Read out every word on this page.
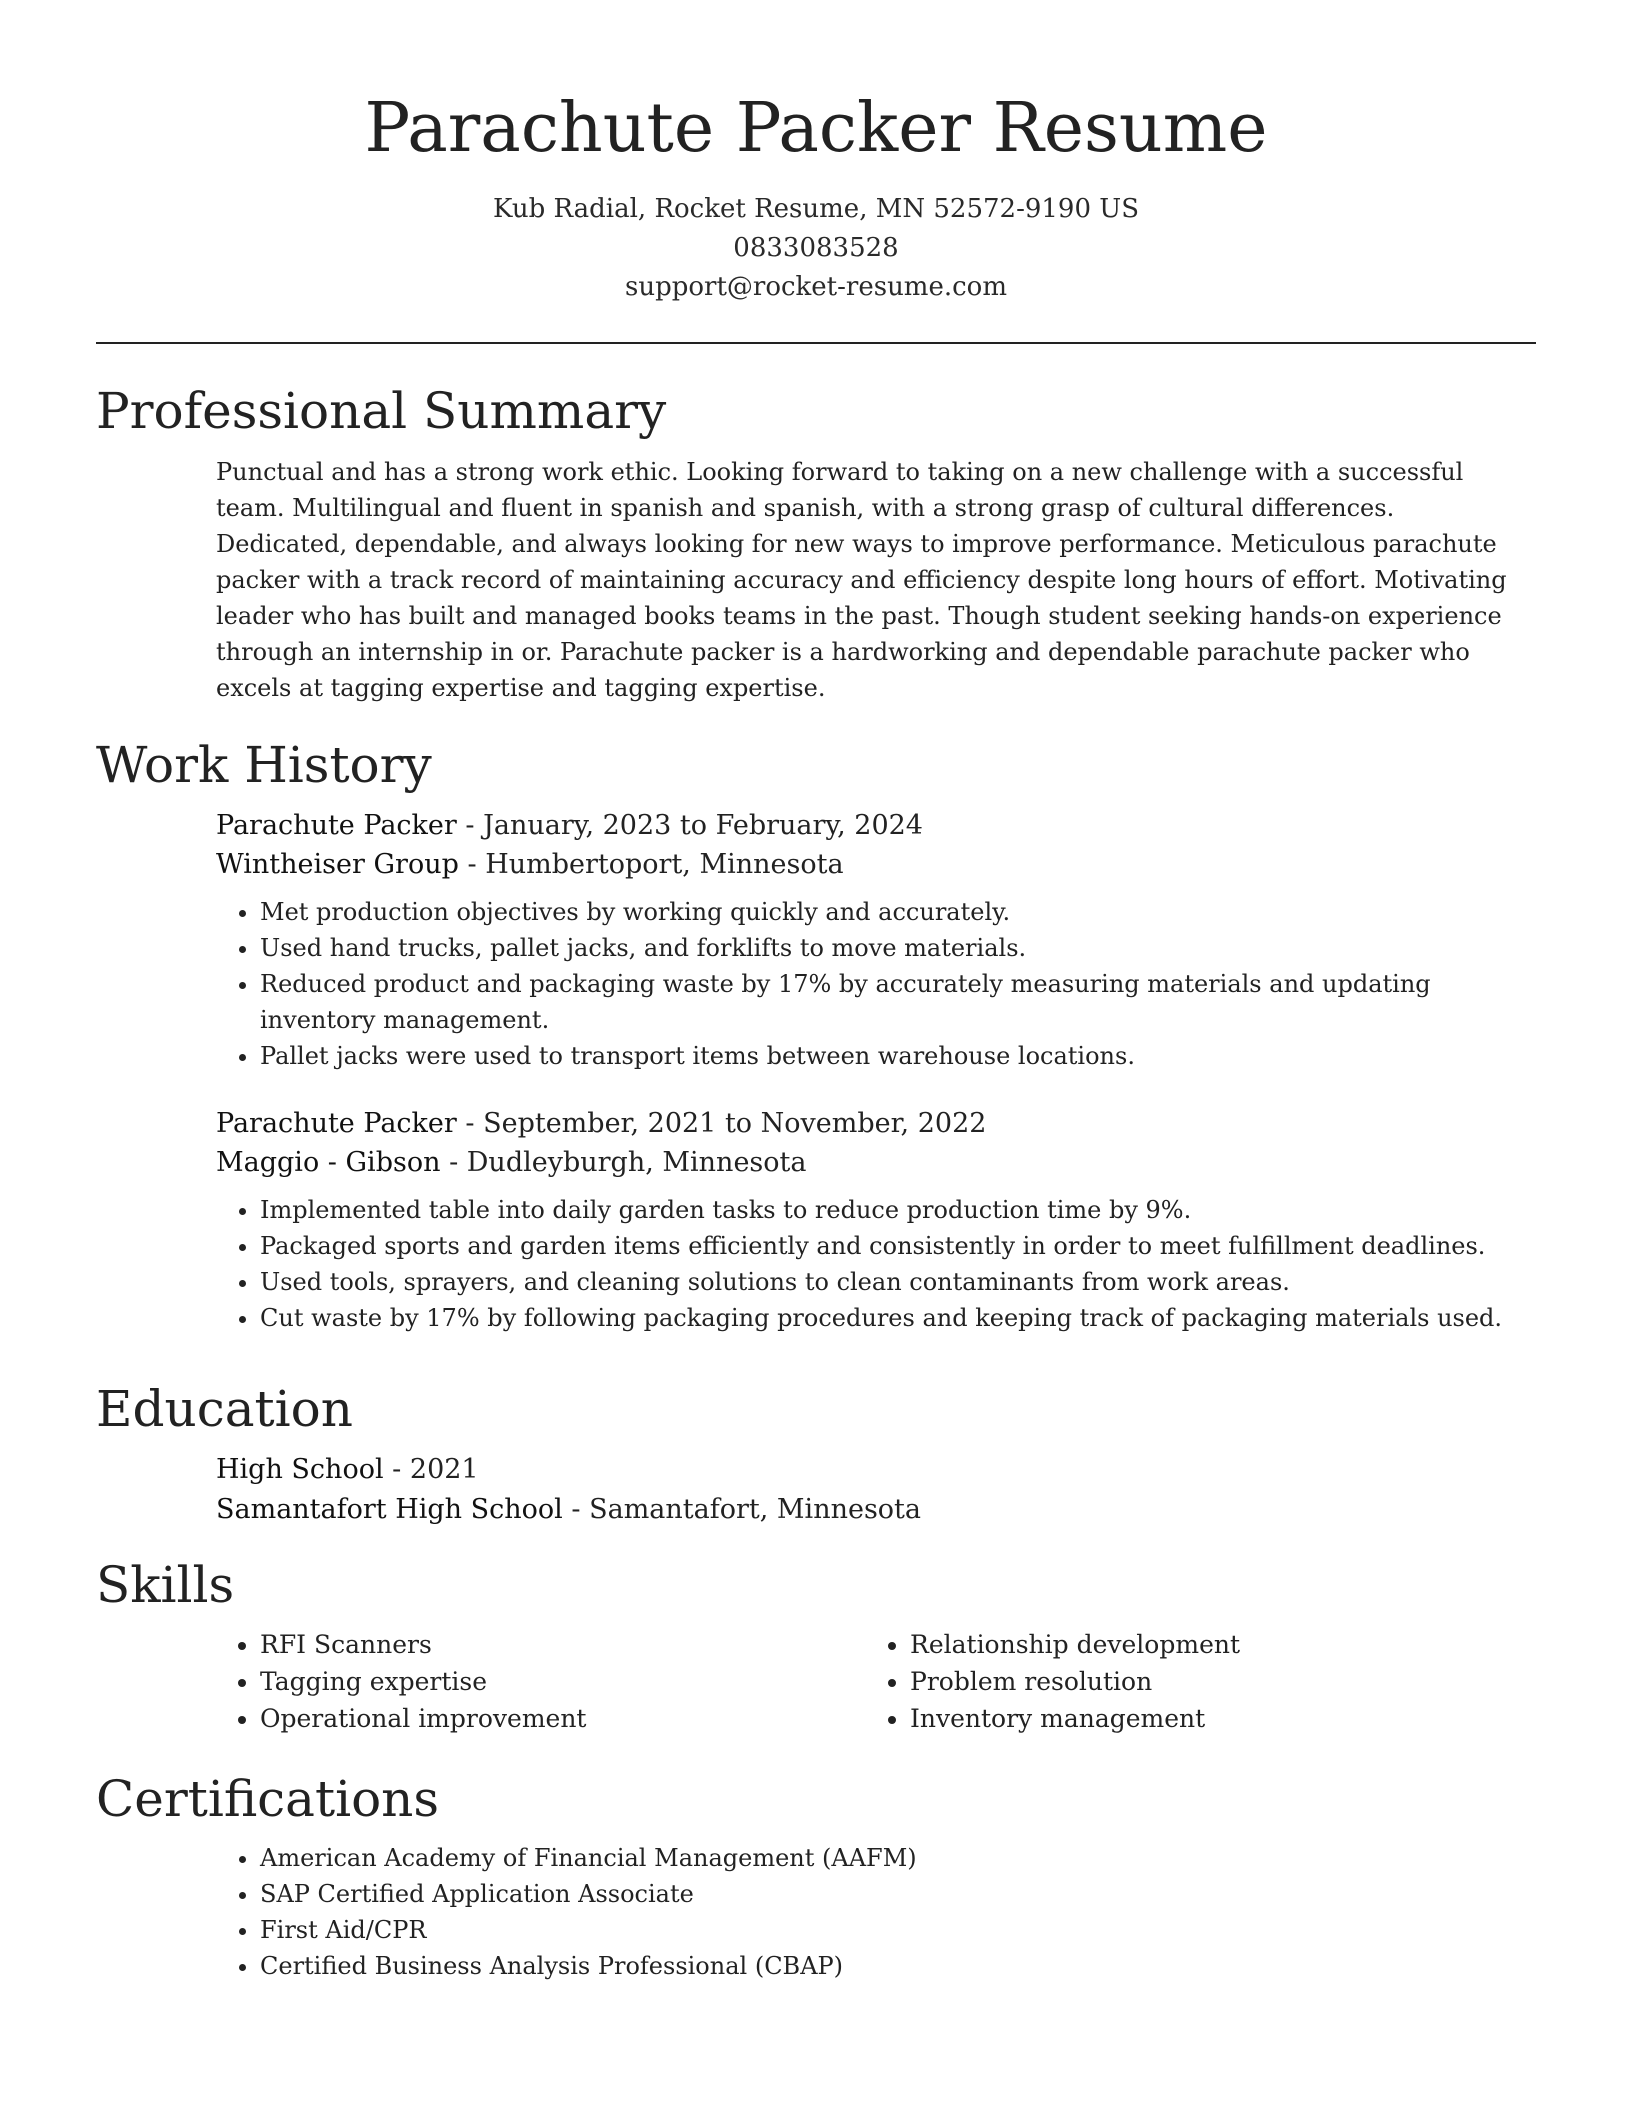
Parachute Packer Resume
Kub Radial, Rocket Resume, MN 52572-9190 US
0833083528
support@rocket-resume.com
Professional Summary
Punctual and has a strong work ethic. Looking forward to taking on a new challenge with a successful team. Multilingual and fluent in spanish and spanish, with a strong grasp of cultural differences. Dedicated, dependable, and always looking for new ways to improve performance. Meticulous parachute packer with a track record of maintaining accuracy and efficiency despite long hours of effort. Motivating leader who has built and managed books teams in the past. Though student seeking hands-on experience through an internship in or. Parachute packer is a hardworking and dependable parachute packer who excels at tagging expertise and tagging expertise.
Work History
Parachute Packer - January, 2023 to February, 2024
Wintheiser Group - Humbertoport, Minnesota
• Met production objectives by working quickly and accurately.
• Used hand trucks, pallet jacks, and forklifts to move materials.
• Reduced product and packaging waste by 17% by accurately measuring materials and updating inventory management.
• Pallet jacks were used to transport items between warehouse locations.
Parachute Packer - September, 2021 to November, 2022
Maggio - Gibson - Dudleyburgh, Minnesota
• Implemented table into daily garden tasks to reduce production time by 9%.
• Packaged sports and garden items efficiently and consistently in order to meet fulfillment deadlines.
• Used tools, sprayers, and cleaning solutions to clean contaminants from work areas.
• Cut waste by 17% by following packaging procedures and keeping track of packaging materials used.
Education
High School - 2021
Samantafort High School - Samantafort, Minnesota
Skills
• RFI Scanners
• Tagging expertise
• Operational improvement
• Relationship development
• Problem resolution
• Inventory management
Certifications
• American Academy of Financial Management (AAFM)
• SAP Certified Application Associate
• First Aid/CPR
• Certified Business Analysis Professional (CBAP)
